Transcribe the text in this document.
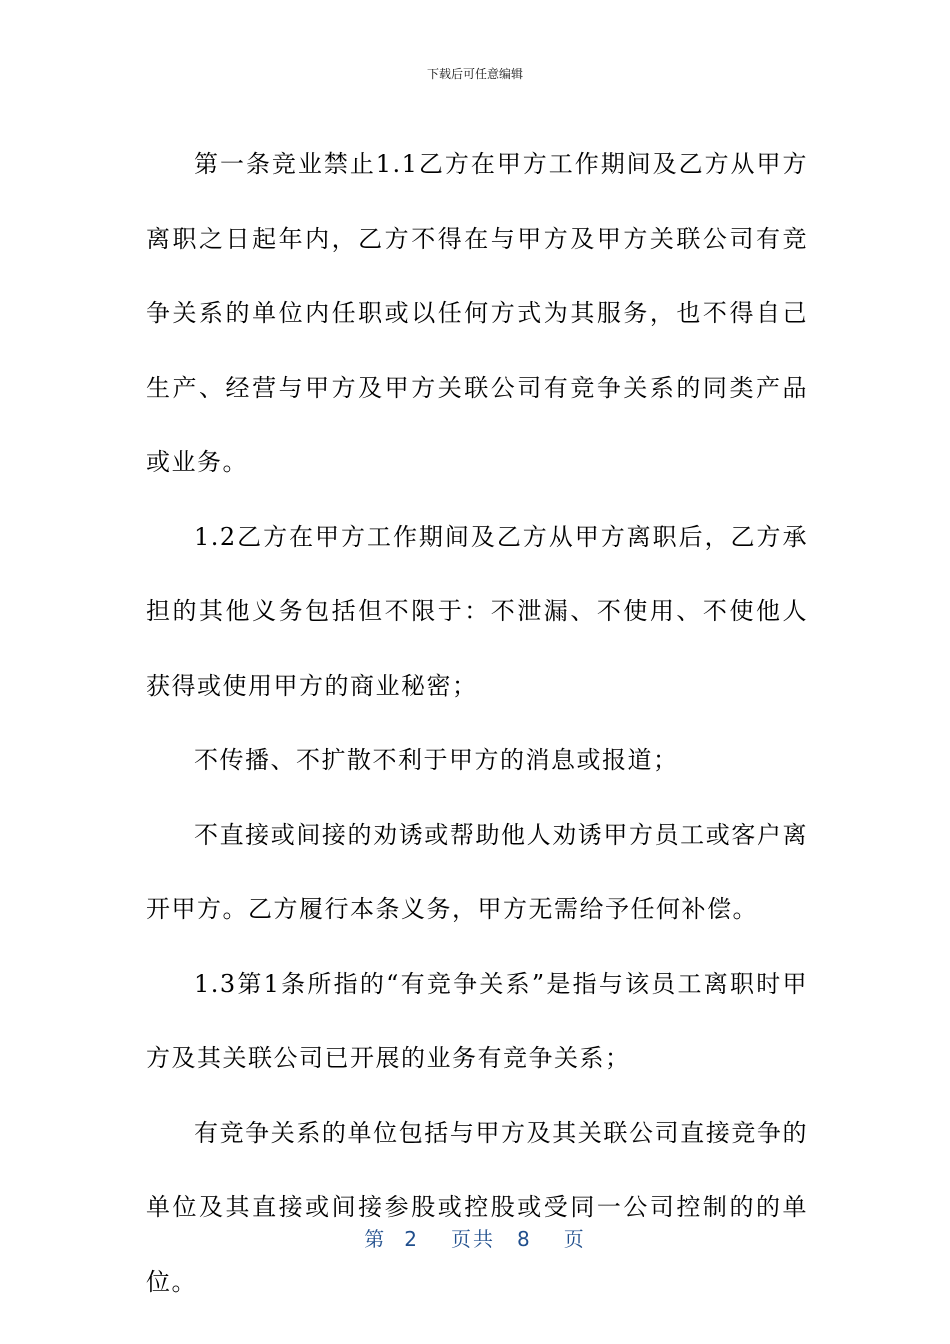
下载后可任意编辑

第一条竞业禁止1.1乙方在甲方工作期间及乙方从甲方离职之日起年内，乙方不得在与甲方及甲方关联公司有竞争关系的单位内任职或以任何方式为其服务，也不得自己生产、经营与甲方及甲方关联公司有竞争关系的同类产品或业务。

1.2乙方在甲方工作期间及乙方从甲方离职后，乙方承担的其他义务包括但不限于：不泄漏、不使用、不使他人获得或使用甲方的商业秘密；

不传播、不扩散不利于甲方的消息或报道；

不直接或间接的劝诱或帮助他人劝诱甲方员工或客户离开甲方。乙方履行本条义务，甲方无需给予任何补偿。

1.3第1条所指的“有竞争关系”是指与该员工离职时甲方及其关联公司已开展的业务有竞争关系；

有竞争关系的单位包括与甲方及其关联公司直接竞争的单位及其直接或间接参股或控股或受同一公司控制的的单位。

第 2 页共 8 页
